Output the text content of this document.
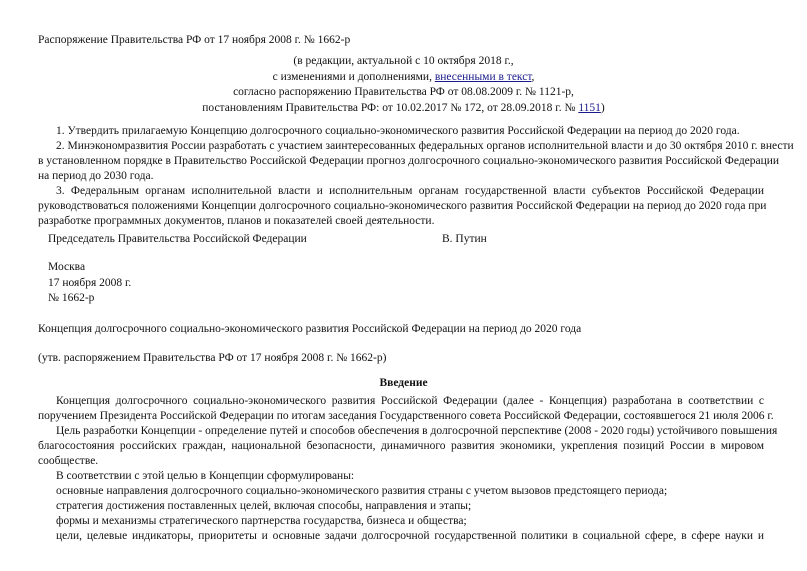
Распоряжение Правительства РФ от 17 ноября 2008 г. № 1662-р
(в редакции, актуальной с 10 октября 2018 г.,
с изменениями и дополнениями, внесенными в текст,
согласно распоряжению Правительства РФ от 08.08.2009 г. № 1121-р,
постановлениям Правительства РФ: от 10.02.2017 № 172, от 28.09.2018 г. № 1151)
1. Утвердить прилагаемую Концепцию долгосрочного социально-экономического развития Российской Федерации на период до 2020 года.
2. Минэкономразвития России разработать с участием заинтересованных федеральных органов исполнительной власти и до 30 октября 2010 г. внести
в установленном порядке в Правительство Российской Федерации прогноз долгосрочного социально-экономического развития Российской Федерации
на период до 2030 года.
3. Федеральным органам исполнительной власти и исполнительным органам государственной власти субъектов Российской Федерации
руководствоваться положениями Концепции долгосрочного социально-экономического развития Российской Федерации на период до 2020 года при
разработке программных документов, планов и показателей своей деятельности.
Председатель Правительства Российской Федерации	В. Путин
Москва
17 ноября 2008 г.
№ 1662-р
Концепция долгосрочного социально-экономического развития Российской Федерации на период до 2020 года
(утв. распоряжением Правительства РФ от 17 ноября 2008 г. № 1662-р)
Введение
Концепция долгосрочного социально-экономического развития Российской Федерации (далее - Концепция) разработана в соответствии с
поручением Президента Российской Федерации по итогам заседания Государственного совета Российской Федерации, состоявшегося 21 июля 2006 г.
Цель разработки Концепции - определение путей и способов обеспечения в долгосрочной перспективе (2008 - 2020 годы) устойчивого повышения
благосостояния российских граждан, национальной безопасности, динамичного развития экономики, укрепления позиций России в мировом
сообществе.
В соответствии с этой целью в Концепции сформулированы:
основные направления долгосрочного социально-экономического развития страны с учетом вызовов предстоящего периода;
стратегия достижения поставленных целей, включая способы, направления и этапы;
формы и механизмы стратегического партнерства государства, бизнеса и общества;
цели, целевые индикаторы, приоритеты и основные задачи долгосрочной государственной политики в социальной сфере, в сфере науки и
